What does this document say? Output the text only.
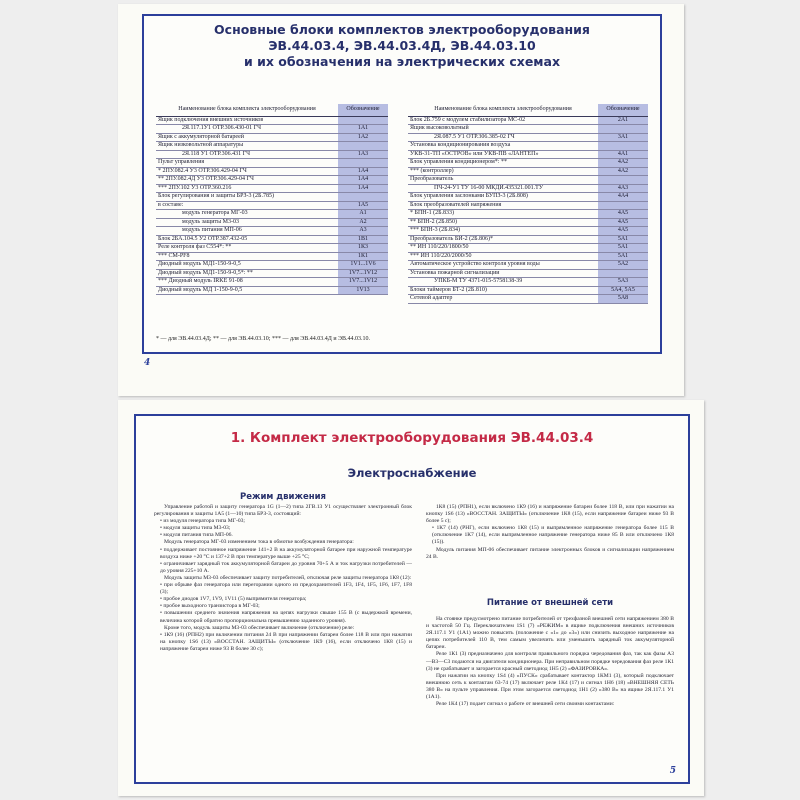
Основные блоки комплектов электрооборудования
ЭВ.44.03.4, ЭВ.44.03.4Д, ЭВ.44.03.10
и их обозначения на электрических схемах
Наименование блока комплекта электрооборудования	Обозначение
Ящик подключения внешних источников	
2Я.117.1У1 ОТР.306.430-01 ГЧ	1А1
Ящик с аккумуляторной батареей	1А2
Ящик низковольтной аппаратуры	
2Я.118 У1 ОТР.306.431 ГЧ	1А3
Пульт управления	
* 2ПУ.082.4 У3 ОТР.306.429-04 ГЧ	1А4
** 2ПУ.082.4Д У3 ОТР.306.429-04 ГЧ	1А4
*** 2ПУ.102 У3 ОТР.360.216	1А4
Блок регулирования и защиты БРЗ-3 (2Б.785)	
в составе:	1А5
модуль генератора МГ-03	А1
модуль защиты М3-03	А2
модуль питания МП-06	А3
Блок 2БА.104.5 У2 ОТР.387.432-05	1В1
Реле контроля фаз С554*: **	1К3
*** СМ-РF8	1К1
Диодный модуль МД1-150-9-0,5	1V1...1V6
Диодный модуль МД1-150-9-0,5*: **	1V7...1V12
*** Диодный модуль IRKE 91-08	1V7...1V12
Диодный модуль МД 1-150-9-0,5	1V13
Наименование блока комплекта электрооборудования	Обозначение
Блок 2Б.759 с модулем стабилизатора МС-02	2А1
Ящик высоковольтный	
2Я.087.5 У1 ОТР.306.385-02 ГЧ	3А1
Установка кондиционирования воздуха	
УКВ-31-ТП «ОСТРОВ» или УКВ-ПВ «ЛАНТЕП»	4А1
Блок управления кондиционером*: **	4А2
*** (контроллер)	4А2
Преобразователь	
ПЧ-24-У1 ТУ 16-00 МКДИ.435321.001.ТУ	4А3
Блок управления заслонками БУПЗ-3 (2Б.808)	4А4
Блок преобразователей напряжения	
* БПН-1 (2Б.833)	4А5
** БПН-2 (2Б.850)	4А5
*** БПН-3 (2Б.834)	4А5
Преобразователь БИ-2 (2Б.806)*	5А1
** ИН 110/220/1800/50	5А1
*** ИН 110/220/2000/50	5А1
Автоматическое устройство контроля уровня воды	5А2
Установка пожарной сигнализации	
УПКБ-М ТУ 4371-015-5758138-39	5А3
Блоки таймеров БТ-2 (2Б.810)	5А4, 5А5
Сетевой адаптер	5А8
* — для ЭВ.44.03.4Д; ** — для ЭВ.44.03.10; *** — для ЭВ.44.03.4Д и ЭВ.44.03.10.
4
1. Комплект электрооборудования ЭВ.44.03.4
Электроснабжение
Режим движения

Управление работой и защиту генератора 1G (1—2) типа 2ГВ.13 У1 осуществляет электронный блок регулирования и защиты 1А5 (1—10) типа БРЗ-3, состоящий:

• из модуля генератора типа МГ-03;

• модуля защиты типа М3-03;

• модуля питания типа МП-06.

Модуль генератора МГ-03 изменением тока в обмотке возбуждения генератора:

• поддерживает постоянное напряжение 141+2 В на аккумуляторной батарее при наружной температуре воздуха ниже +20 °С и 137+2 В при температуре выше +25 °С;

• ограничивает зарядный ток аккумуляторной батареи до уровня 70+5 А и ток нагрузки потребителей — до уровня 225+10 А.

Модуль защиты М3-03 обеспечивает защиту потребителей, отключая реле защиты генератора 1К8 (12):

• при обрыве фаз генератора или перегорании одного из предохранителей 1F3, 1F4, 1F5, 1F6, 1F7, 1F8 (3);

• пробое диодов 1V7, 1V9, 1V11 (5) выпрямителя генератора;

• пробое выходного транзистора в МГ-03;

• повышении среднего значения напряжения на цепях нагрузки свыше 155 В (с выдержкой времени, величина которой обратно пропорциональна превышению заданного уровня).

Кроме того, модуль защиты М3-03 обеспечивает включение (отключение) реле:

• 1К9 (16) (РПН2) при включении питания 24 В при напряжении батареи более 118 В или при нажатии на кнопку 1S6 (13) «ВОССТАН. ЗАЩИТЫ» (отключение 1К9 (16), если отключено 1К8 (15) и напряжение батареи ниже 93 В более 30 с);

1К8 (15) (РПН1), если включено 1К9 (16) и напряжение батареи более 118 В, или при нажатии на кнопку 1S6 (13) «ВОССТАН. ЗАЩИТЫ» (отключение 1К8 (15), если напряжение батареи ниже 93 В более 5 с);

• 1К7 (14) (РНГ), если включено 1К8 (15) и выпрямленное напряжение генератора более 115 В (отключение 1К7 (14), если выпрямленное напряжение генератора ниже 85 В или отключено 1К8 (15)).

Модуль питания МП-06 обеспечивает питание электронных блоков и сигнализации напряжением 24 В.

Питание от внешней сети

На стоянке предусмотрено питание потребителей от трехфазной внешней сети напряжением 380 В и частотой 50 Гц. Переключателем 1S1 (7) «РЕЖИМ» в ящике подключения внешних источников 2Я.117.1 У1 (1А1) можно повысить (положение с «1» до «3») или снизить выходное напряжение на цепях потребителей 110 В, тем самым увеличить или уменьшить зарядный ток аккумуляторной батареи.

Реле 1К1 (3) предназначено для контроля правильного порядка чередования фаз, так как фазы А3—В3—С3 подаются на двигатели кондиционера. При неправильном порядке чередования фаз реле 1К1 (3) не срабатывает и загорается красный светодиод 1Н5 (2) «ФАЗИРОВКА».

При нажатии на кнопку 1S4 (4) «ПУСК» срабатывает контактор 1КМ1 (3), который подключает внешнюю сеть к контактам 63-74 (17) включает реле 1К4 (17) и сигнал 1Н6 (18) «ВНЕШНЯЯ СЕТЬ 380 В» на пульте управления. При этом загорается светодиод 1Н1 (2) «380 В» на ящике 2Я.117.1 У1 (1А1).

Реле 1К4 (17) подает сигнал о работе от внешней сети своими контактами:

5
